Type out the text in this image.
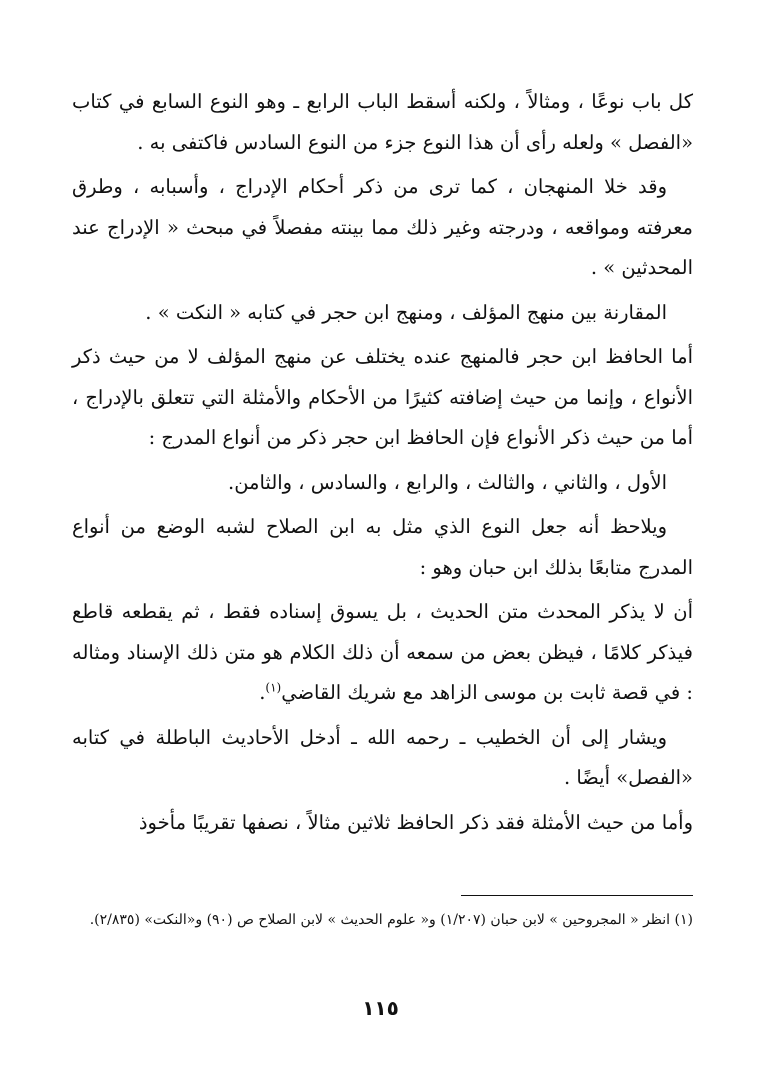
كل باب نوعًا ، ومثالاً ، ولكنه أسقط الباب الرابع ـ وهو النوع السابع في كتاب «الفصل » ولعله رأى أن هذا النوع جزء من النوع السادس فاكتفى به .

وقد خلا المنهجان ، كما ترى من ذكر أحكام الإدراج ، وأسبابه ، وطرق معرفته ومواقعه ، ودرجته وغير ذلك مما بينته مفصلاً في مبحث « الإدراج عند المحدثين » .

المقارنة بين منهج المؤلف ، ومنهج ابن حجر في كتابه « النكت » .

أما الحافظ ابن حجر فالمنهج عنده يختلف عن منهج المؤلف لا من حيث ذكر الأنواع ، وإنما من حيث إضافته كثيرًا من الأحكام والأمثلة التي تتعلق بالإدراج ، أما من حيث ذكر الأنواع فإن الحافظ ابن حجر ذكر من أنواع المدرج :

الأول ، والثاني ، والثالث ، والرابع ، والسادس ، والثامن.

ويلاحظ أنه جعل النوع الذي مثل به ابن الصلاح لشبه الوضع من أنواع المدرج متابعًا بذلك ابن حبان وهو :

أن لا يذكر المحدث متن الحديث ، بل يسوق إسناده فقط ، ثم يقطعه قاطع فيذكر كلامًا ، فيظن بعض من سمعه أن ذلك الكلام هو متن ذلك الإسناد ومثاله : في قصة ثابت بن موسى الزاهد مع شريك القاضي$^{(١)}$.

ويشار إلى أن الخطيب ـ رحمه الله ـ أدخل الأحاديث الباطلة في كتابه «الفصل» أيضًا .

وأما من حيث الأمثلة فقد ذكر الحافظ ثلاثين مثالاً ، نصفها تقريبًا مأخوذ

(١) انظر « المجروحين » لابن حبان (١/٢٠٧) و« علوم الحديث » لابن الصلاح ص (٩٠) و«النكت» (٢/٨٣٥).

١١٥
